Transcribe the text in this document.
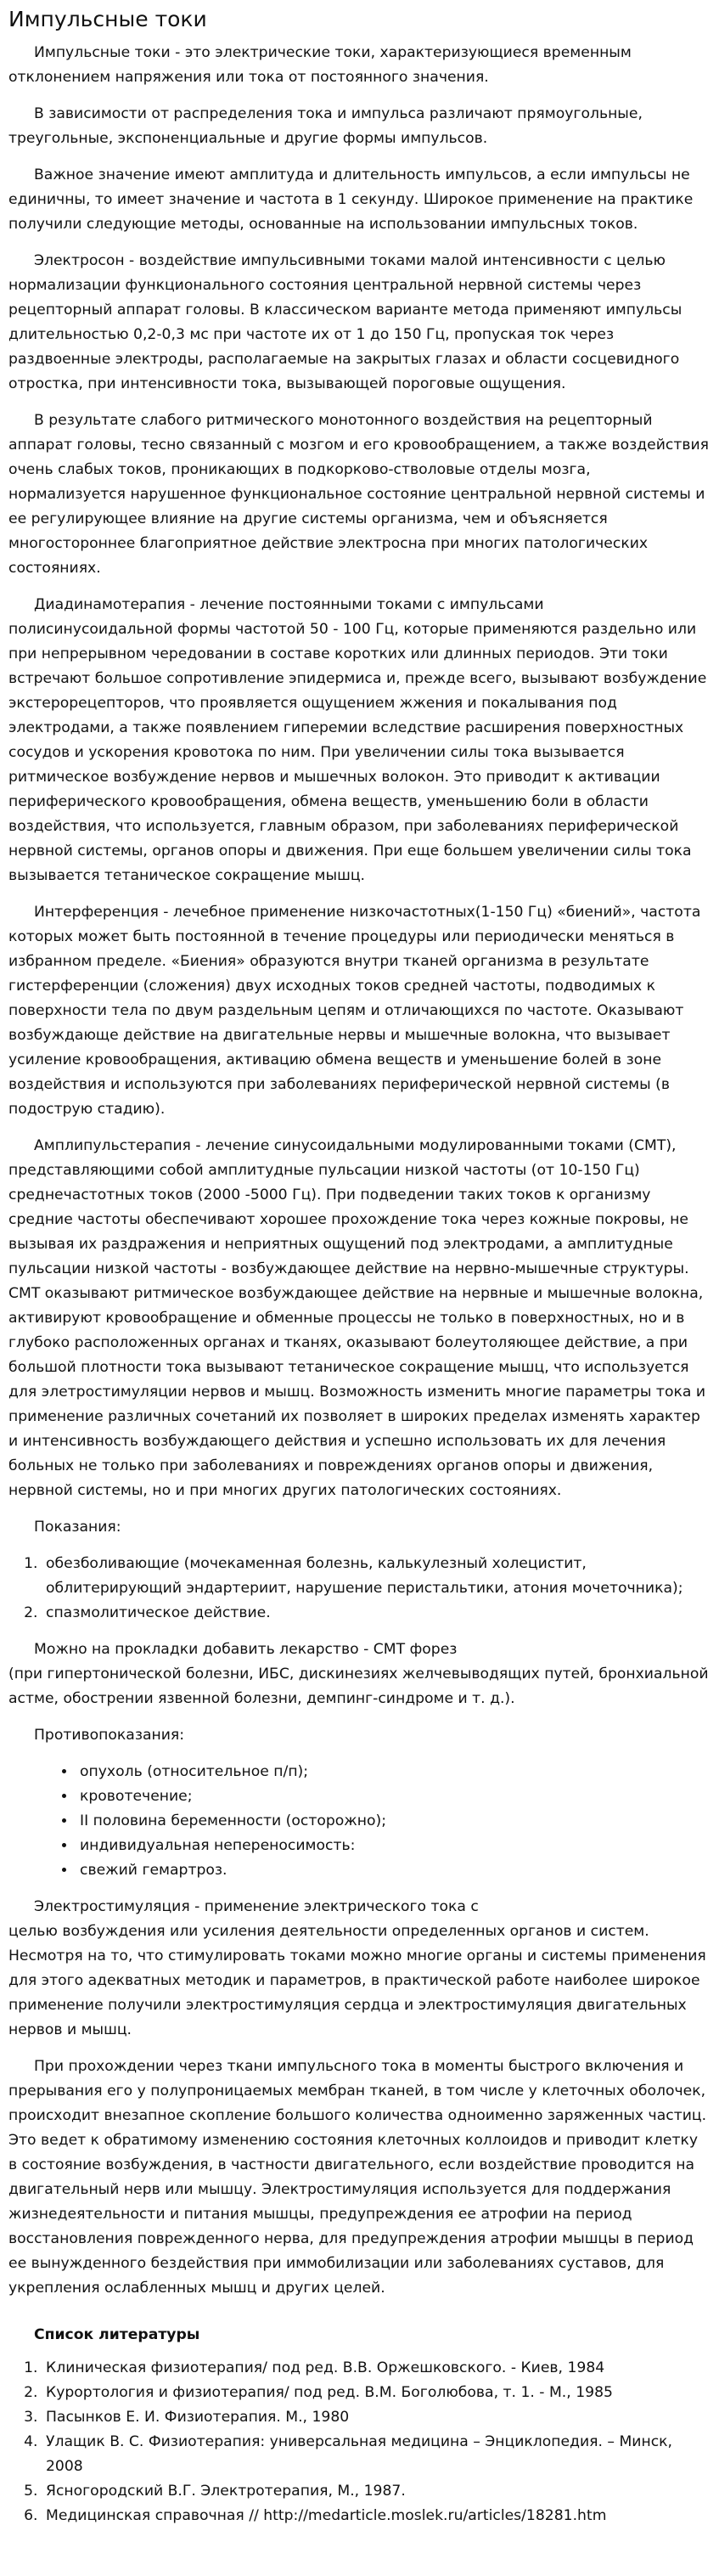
Импульсные токи

Импульсные токи - это электрические токи, характеризующиеся временным отклонением напряжения или тока от постоянного значения.

В зависимости от распределения тока и импульса различают прямоугольные, треугольные, экспоненциальные и другие формы импульсов.

Важное значение имеют амплитуда и длительность импульсов, а если импульсы не единичны, то имеет значение и частота в 1 секунду. Широкое применение на практике получили следующие методы, основанные на использовании импульсных токов.

Электросон - воздействие импульсивными токами малой интенсивности с целью нормализации функционального состояния центральной нервной системы через рецепторный аппарат головы. В классическом варианте метода применяют импульсы длительностью 0,2-0,3 мс при частоте их от 1 до 150 Гц, пропуская ток через раздвоенные электроды, располагаемые на закрытых глазах и области сосцевидного отростка, при интенсивности тока, вызывающей пороговые ощущения.

В результате слабого ритмического монотонного воздействия на рецепторный аппарат головы, тесно связанный с мозгом и его кровообращением, а также воздействия очень слабых токов, проникающих в подкорково-стволовые отделы мозга, нормализуется нарушенное функциональное состояние центральной нервной системы и ее регулирующее влияние на другие системы организма, чем и объясняется многостороннее благоприятное действие электросна при многих патологических состояниях.

Диадинамотерапия - лечение постоянными токами с импульсами полисинусоидальной формы частотой 50 - 100 Гц, которые применяются раздельно или при непрерывном чередовании в составе коротких или длинных периодов. Эти токи встречают большое сопротивление эпидермиса и, прежде всего, вызывают возбуждение экстерорецепторов, что проявляется ощущением жжения и покалывания под электродами, а также появлением гиперемии вследствие расширения поверхностных сосудов и ускорения кровотока по ним. При увеличении силы тока вызывается ритмическое возбуждение нервов и мышечных волокон. Это приводит к активации периферического кровообращения, обмена веществ, уменьшению боли в области воздействия, что используется, главным образом, при заболеваниях периферической нервной системы, органов опоры и движения. При еще большем увеличении силы тока вызывается тетаническое сокращение мышц.

Интерференция - лечебное применение низкочастотных(1-150 Гц) «биений», частота которых может быть постоянной в течение процедуры или периодически меняться в избранном пределе. «Биения» образуются внутри тканей организма в результате гистерференции (сложения) двух исходных токов средней частоты, подводимых к поверхности тела по двум раздельным цепям и отличающихся по частоте. Оказывают возбуждающе действие на двигательные нервы и мышечные волокна, что вызывает усиление кровообращения, активацию обмена веществ и уменьшение болей в зоне воздействия и используются при заболеваниях периферической нервной системы (в подострую стадию).

Амплипульстерапия - лечение синусоидальными модулированными токами (СМТ), представляющими собой амплитудные пульсации низкой частоты (от 10-150 Гц) среднечастотных токов (2000 -5000 Гц). При подведении таких токов к организму средние частоты обеспечивают хорошее прохождение тока через кожные покровы, не вызывая их раздражения и неприятных ощущений под электродами, а амплитудные пульсации низкой частоты - возбуждающее действие на нервно-мышечные структуры. СМТ оказывают ритмическое возбуждающее действие на нервные и мышечные волокна, активируют кровообращение и обменные процессы не только в поверхностных, но и в глубоко расположенных органах и тканях, оказывают болеутоляющее действие, а при большой плотности тока вызывают тетаническое сокращение мышц, что используется для элетростимуляции нервов и мышц. Возможность изменить многие параметры тока и применение различных сочетаний их позволяет в широких пределах изменять характер и интенсивность возбуждающего действия и успешно использовать их для лечения больных не только при заболеваниях и повреждениях органов опоры и движения, нервной системы, но и при многих других патологических состояниях.

Показания:

1. обезболивающие (мочекаменная болезнь, калькулезный холецистит, облитерирующий эндартериит, нарушение перистальтики, атония мочеточника);
2. спазмолитическое действие.

Можно на прокладки добавить лекарство - СМТ форез
(при гипертонической болезни, ИБС, дискинезиях желчевыводящих путей, бронхиальной астме, обострении язвенной болезни, демпинг-синдроме и т. д.).

Противопоказания:

• опухоль (относительное п/п);
• кровотечение;
• II половина беременности (осторожно);
• индивидуальная непереносимость:
• свежий гемартроз.

Электростимуляция - применение электрического тока с
целью возбуждения или усиления деятельности определенных органов и систем. Несмотря на то, что стимулировать токами можно многие органы и системы применения для этого адекватных методик и параметров, в практической работе наиболее широкое применение получили электростимуляция сердца и электростимуляция двигательных нервов и мышц.

При прохождении через ткани импульсного тока в моменты быстрого включения и прерывания его у полупроницаемых мембран тканей, в том числе у клеточных оболочек, происходит внезапное скопление большого количества одноименно заряженных частиц. Это ведет к обратимому изменению состояния клеточных коллоидов и приводит клетку в состояние возбуждения, в частности двигательного, если воздействие проводится на двигательный нерв или мышцу. Электростимуляция используется для поддержания жизнедеятельности и питания мышцы, предупреждения ее атрофии на период восстановления поврежденного нерва, для предупреждения атрофии мышцы в период ее вынужденного бездействия при иммобилизации или заболеваниях суставов, для укрепления ослабленных мышц и других целей.

Список литературы
1. Клиническая физиотерапия/ под ред. В.В. Оржешковского. - Киев, 1984
2. Курортология и физиотерапия/ под ред. В.М. Боголюбова, т. 1. - М., 1985
3. Пасынков Е. И. Физиотерапия. М., 1980
4. Улащик В. С. Физиотерапия: универсальная медицина – Энциклопедия. – Минск, 2008
5. Ясногородский В.Г. Электротерапия, М., 1987.
6. Медицинская справочная // http://medarticle.moslek.ru/articles/18281.htm
